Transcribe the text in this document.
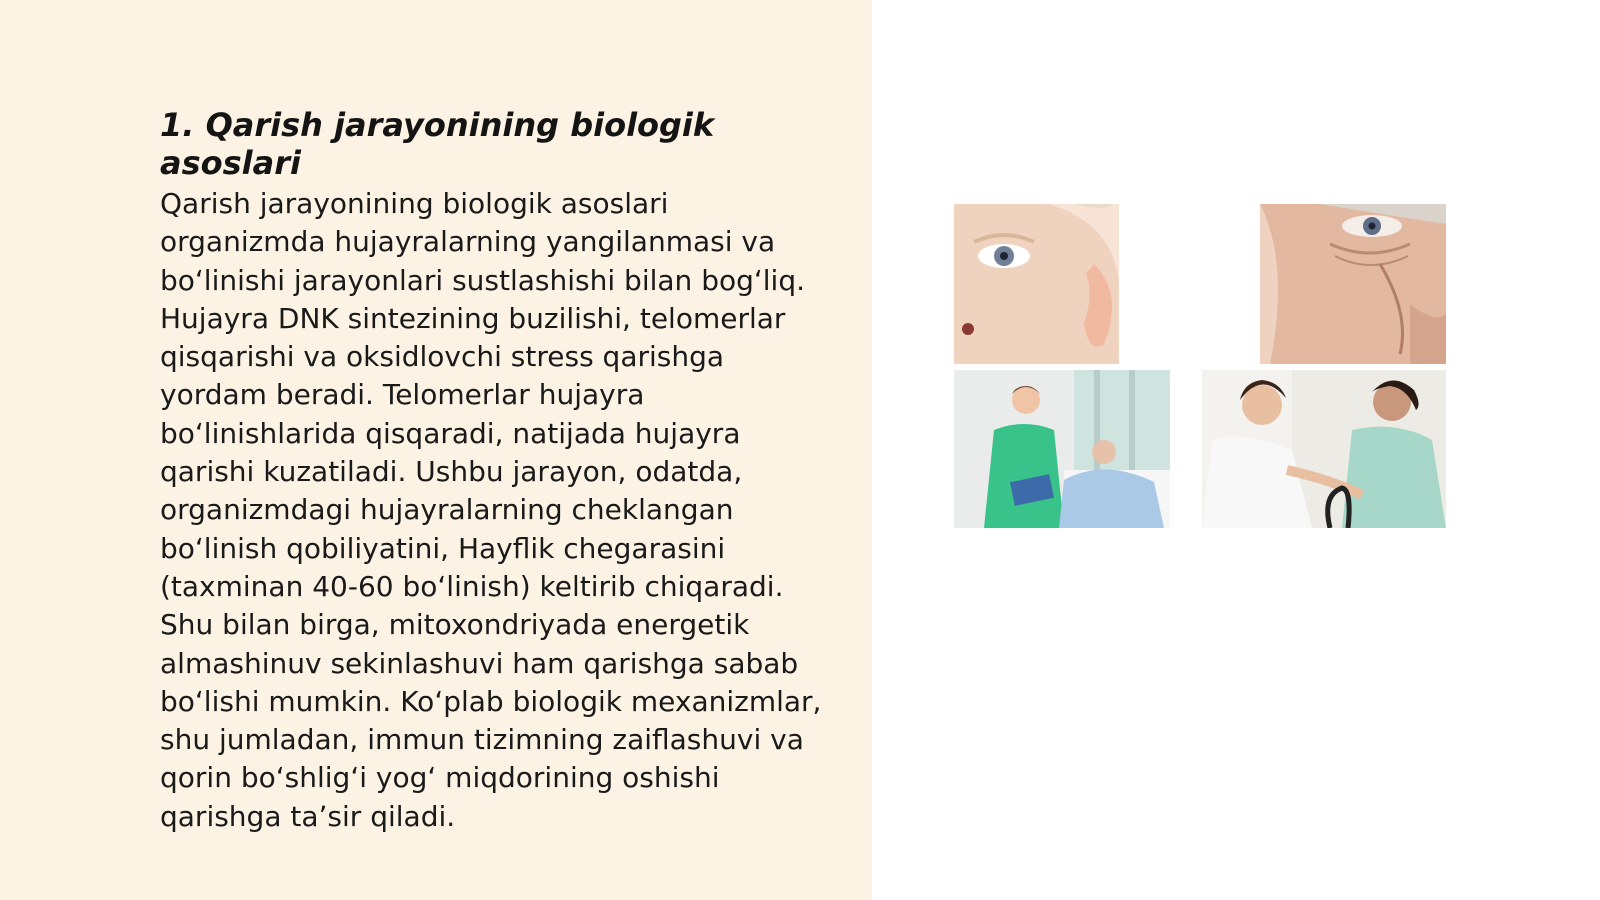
1. Qarish jarayonining biologik asoslari

Qarish jarayonining biologik asoslari organizmda hujayralarning yangilanmasi va boʻlinishi jarayonlari sustlashishi bilan bogʻliq. Hujayra DNK sintezining buzilishi, telomerlar qisqarishi va oksidlovchi stress qarishga yordam beradi. Telomerlar hujayra boʻlinishlarida qisqaradi, natijada hujayra qarishi kuzatiladi. Ushbu jarayon, odatda, organizmdagi hujayralarning cheklangan boʻlinish qobiliyatini, Hayflik chegarasini (taxminan 40-60 boʻlinish) keltirib chiqaradi. Shu bilan birga, mitoxondriyada energetik almashinuv sekinlashuvi ham qarishga sabab boʻlishi mumkin. Koʻplab biologik mexanizmlar, shu jumladan, immun tizimning zaiflashuvi va qorin boʻshligʻi yogʻ miqdorining oshishi qarishga taʼsir qiladi.
